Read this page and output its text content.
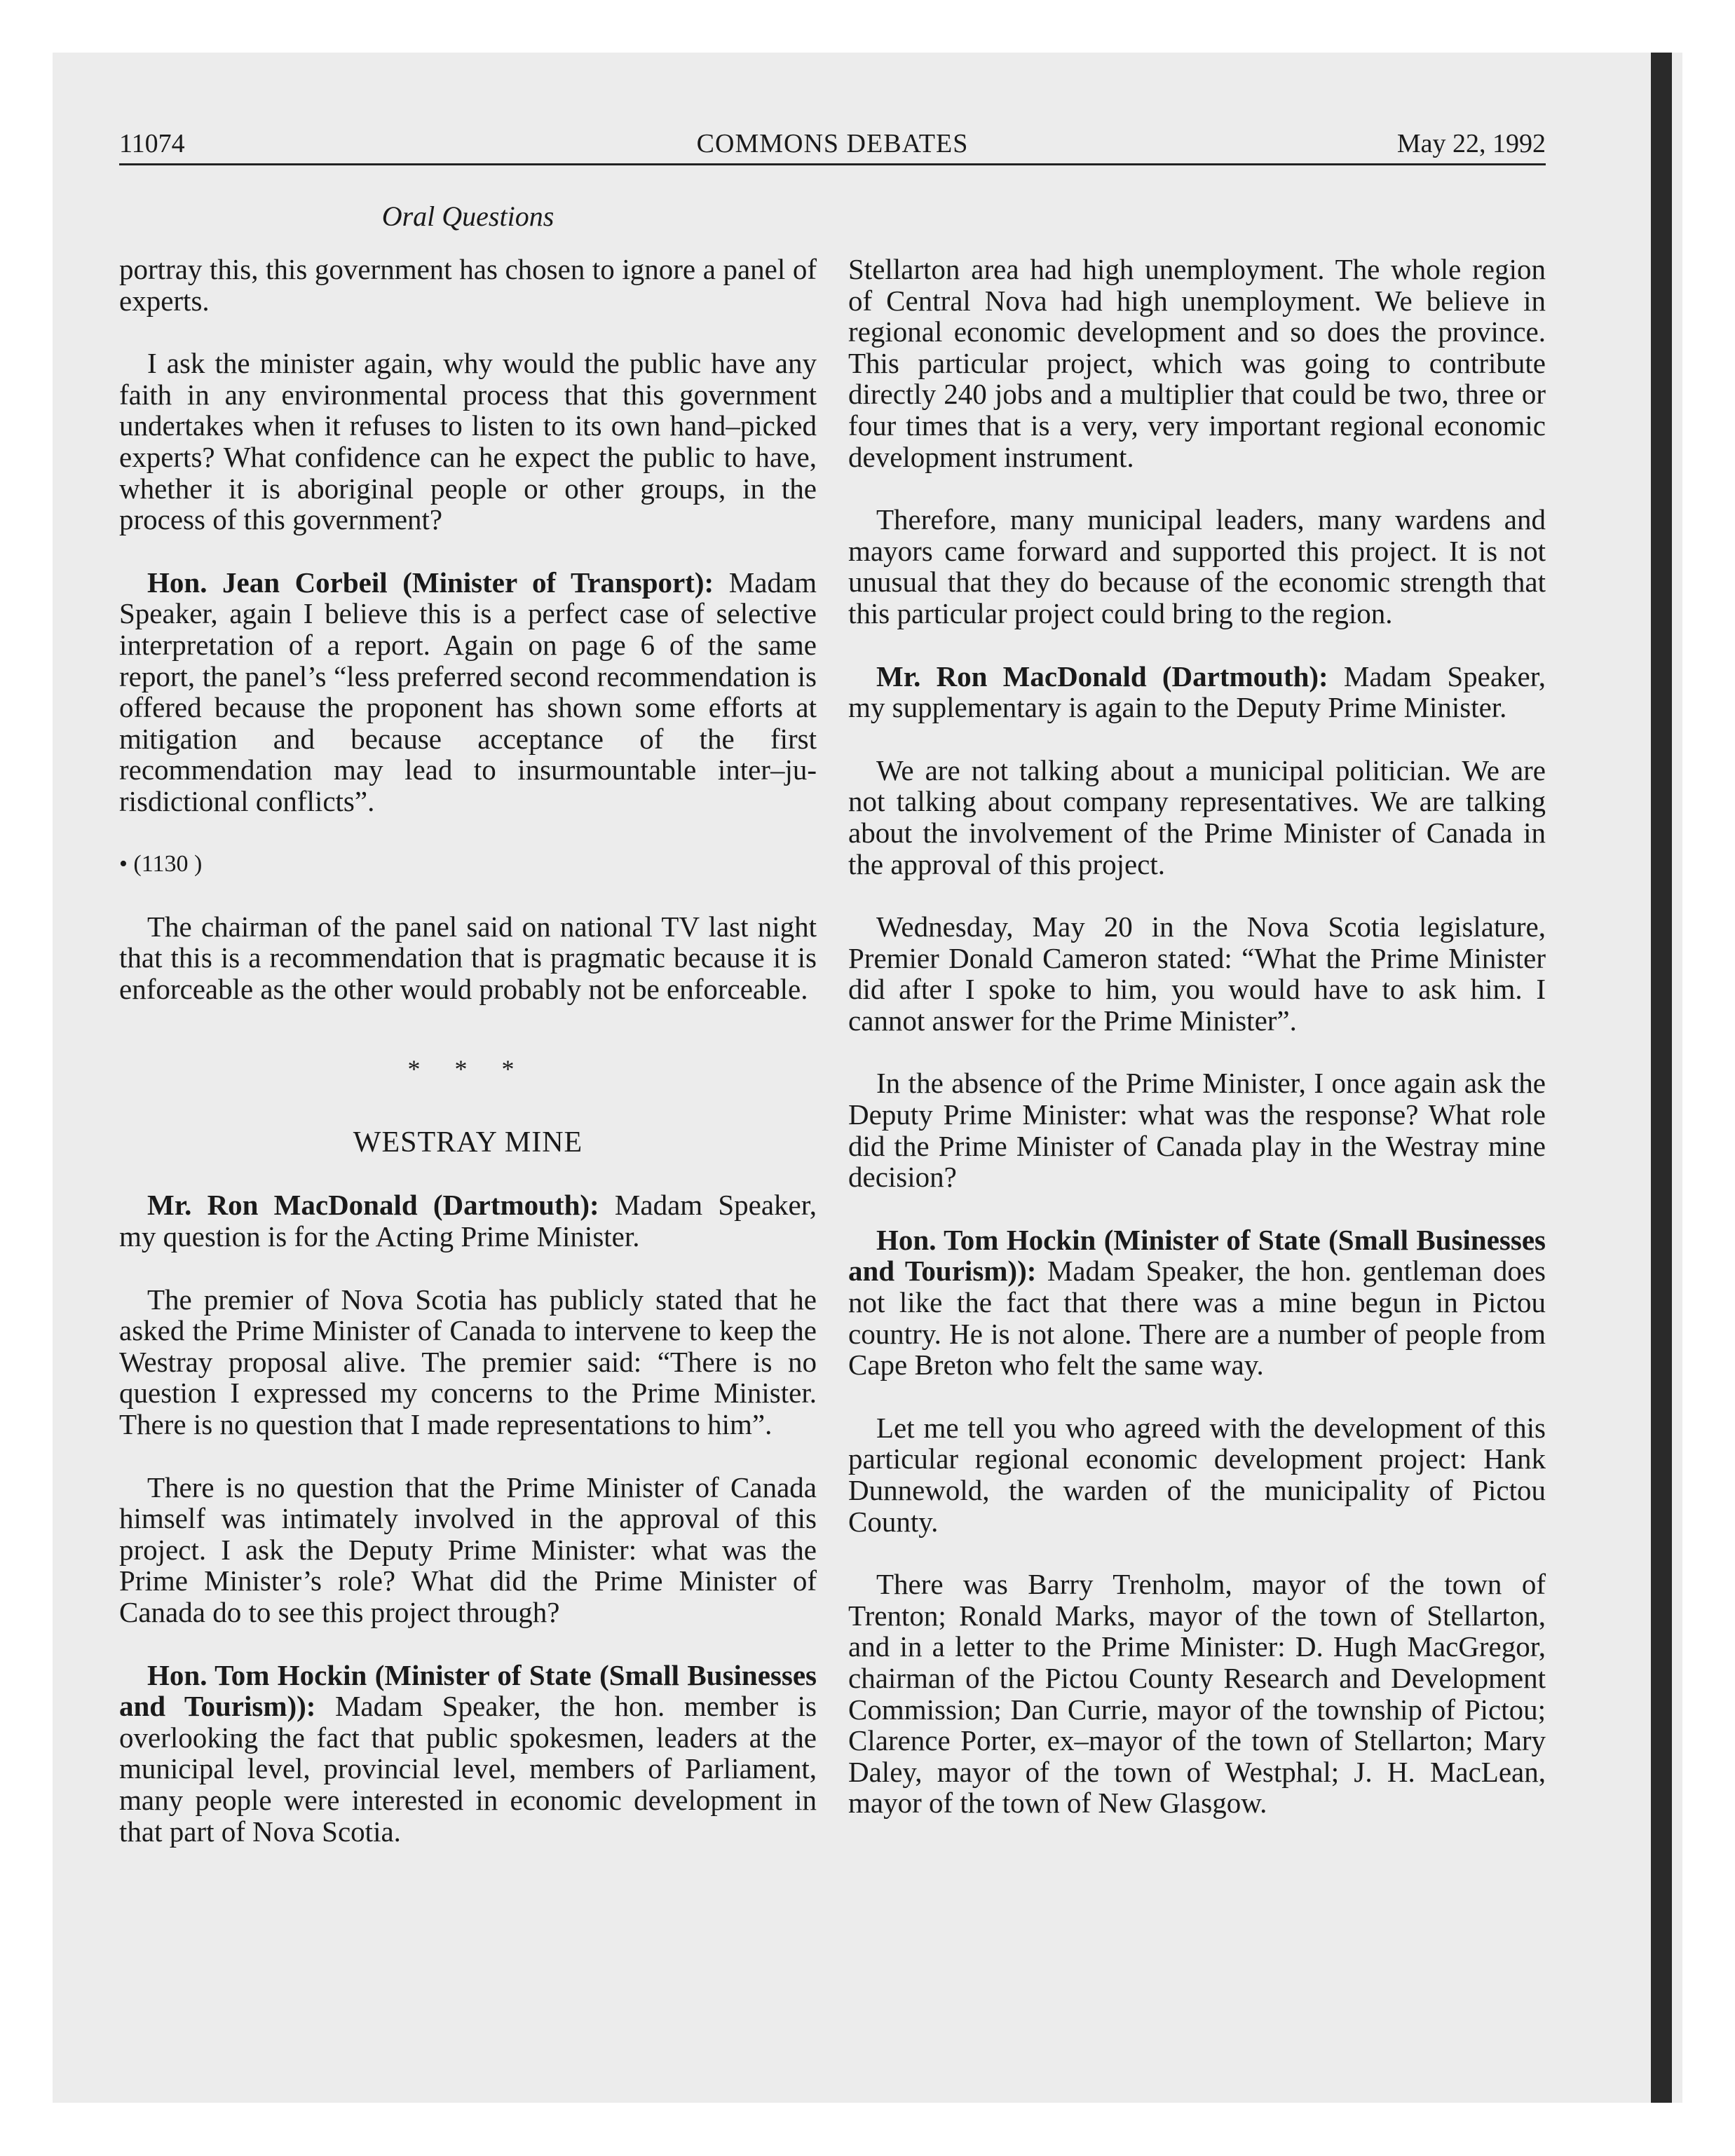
11074	COMMONS DEBATES	May 22, 1992
Oral Questions

portray this, this government has chosen to ignore a panel of experts.

I ask the minister again, why would the public have any faith in any environmental process that this government undertakes when it refuses to listen to its own hand–picked experts? What confidence can he expect the public to have, whether it is aboriginal people or other groups, in the process of this government?

Hon. Jean Corbeil (Minister of Transport): Madam Speaker, again I believe this is a perfect case of selective interpretation of a report. Again on page 6 of the same report, the panel’s “less preferred second recommendation is offered because the proponent has shown some efforts at mitigation and because acceptance of the first recommendation may lead to insurmountable inter–jurisdictional conflicts”.

• (1130 )

The chairman of the panel said on national TV last night that this is a recommendation that is pragmatic because it is enforceable as the other would probably not be enforceable.

* * *
WESTRAY MINE

Mr. Ron MacDonald (Dartmouth): Madam Speaker, my question is for the Acting Prime Minister.

The premier of Nova Scotia has publicly stated that he asked the Prime Minister of Canada to intervene to keep the Westray proposal alive. The premier said: “There is no question I expressed my concerns to the Prime Minister. There is no question that I made representations to him”.

There is no question that the Prime Minister of Canada himself was intimately involved in the approval of this project. I ask the Deputy Prime Minister: what was the Prime Minister’s role? What did the Prime Minister of Canada do to see this project through?

Hon. Tom Hockin (Minister of State (Small Businesses and Tourism)): Madam Speaker, the hon. member is overlooking the fact that public spokesmen, leaders at the municipal level, provincial level, members of Parliament, many people were interested in economic development in that part of Nova Scotia.

Stellarton area had high unemployment. The whole region of Central Nova had high unemployment. We believe in regional economic development and so does the province. This particular project, which was going to contribute directly 240 jobs and a multiplier that could be two, three or four times that is a very, very important regional economic development instrument.

Therefore, many municipal leaders, many wardens and mayors came forward and supported this project. It is not unusual that they do because of the economic strength that this particular project could bring to the region.

Mr. Ron MacDonald (Dartmouth): Madam Speaker, my supplementary is again to the Deputy Prime Minister.

We are not talking about a municipal politician. We are not talking about company representatives. We are talking about the involvement of the Prime Minister of Canada in the approval of this project.

Wednesday, May 20 in the Nova Scotia legislature, Premier Donald Cameron stated: “What the Prime Minister did after I spoke to him, you would have to ask him. I cannot answer for the Prime Minister”.

In the absence of the Prime Minister, I once again ask the Deputy Prime Minister: what was the response? What role did the Prime Minister of Canada play in the Westray mine decision?

Hon. Tom Hockin (Minister of State (Small Businesses and Tourism)): Madam Speaker, the hon. gentleman does not like the fact that there was a mine begun in Pictou country. He is not alone. There are a number of people from Cape Breton who felt the same way.

Let me tell you who agreed with the development of this particular regional economic development project: Hank Dunnewold, the warden of the municipality of Pictou County.

There was Barry Trenholm, mayor of the town of Trenton; Ronald Marks, mayor of the town of Stellarton, and in a letter to the Prime Minister: D. Hugh MacGregor, chairman of the Pictou County Research and Development Commission; Dan Currie, mayor of the township of Pictou; Clarence Porter, ex–mayor of the town of Stellarton; Mary Daley, mayor of the town of Westphal; J. H. MacLean, mayor of the town of New Glasgow.
